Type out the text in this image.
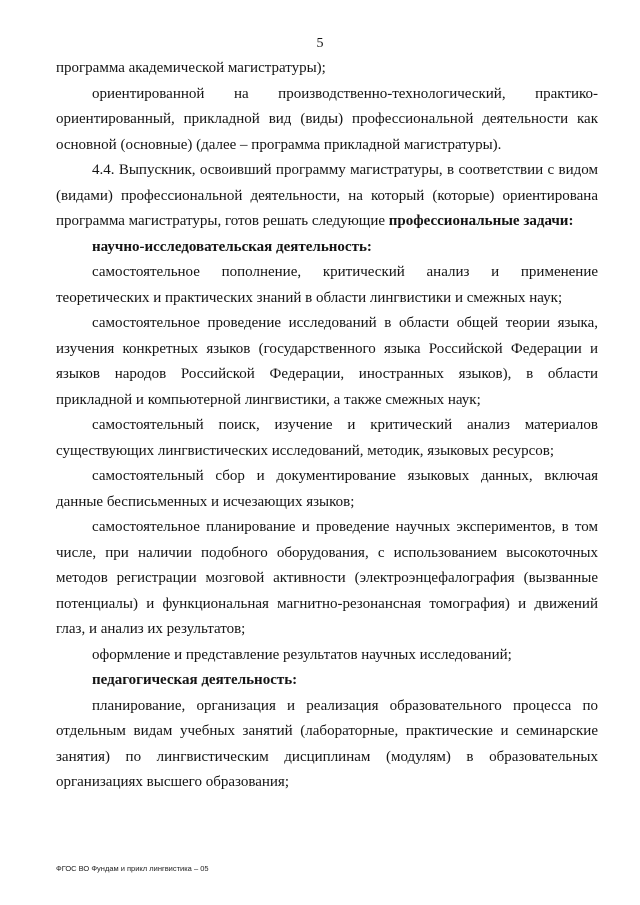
5

программа академической магистратуры);

ориентированной на производственно-технологический, практико-ориентированный, прикладной вид (виды) профессиональной деятельности как основной (основные) (далее – программа прикладной магистратуры).

4.4. Выпускник, освоивший программу магистратуры, в соответствии с видом (видами) профессиональной деятельности, на который (которые) ориентирована программа магистратуры, готов решать следующие профессиональные задачи:

научно-исследовательская деятельность:

самостоятельное пополнение, критический анализ и применение теоретических и практических знаний в области лингвистики и смежных наук;

самостоятельное проведение исследований в области общей теории языка, изучения конкретных языков (государственного языка Российской Федерации и языков народов Российской Федерации, иностранных языков), в области прикладной и компьютерной лингвистики, а также смежных наук;

самостоятельный поиск, изучение и критический анализ материалов существующих лингвистических исследований, методик, языковых ресурсов;

самостоятельный сбор и документирование языковых данных, включая данные бесписьменных и исчезающих языков;

самостоятельное планирование и проведение научных экспериментов, в том числе, при наличии подобного оборудования, с использованием высокоточных методов регистрации мозговой активности (электроэнцефалография (вызванные потенциалы) и функциональная магнитно-резонансная томография) и движений глаз, и анализ их результатов;

оформление и представление результатов научных исследований;

педагогическая деятельность:

планирование, организация и реализация образовательного процесса по отдельным видам учебных занятий (лабораторные, практические и семинарские занятия) по лингвистическим дисциплинам (модулям) в образовательных организациях высшего образования;

ФГОС ВО Фундам и прикл лингвистика – 05
